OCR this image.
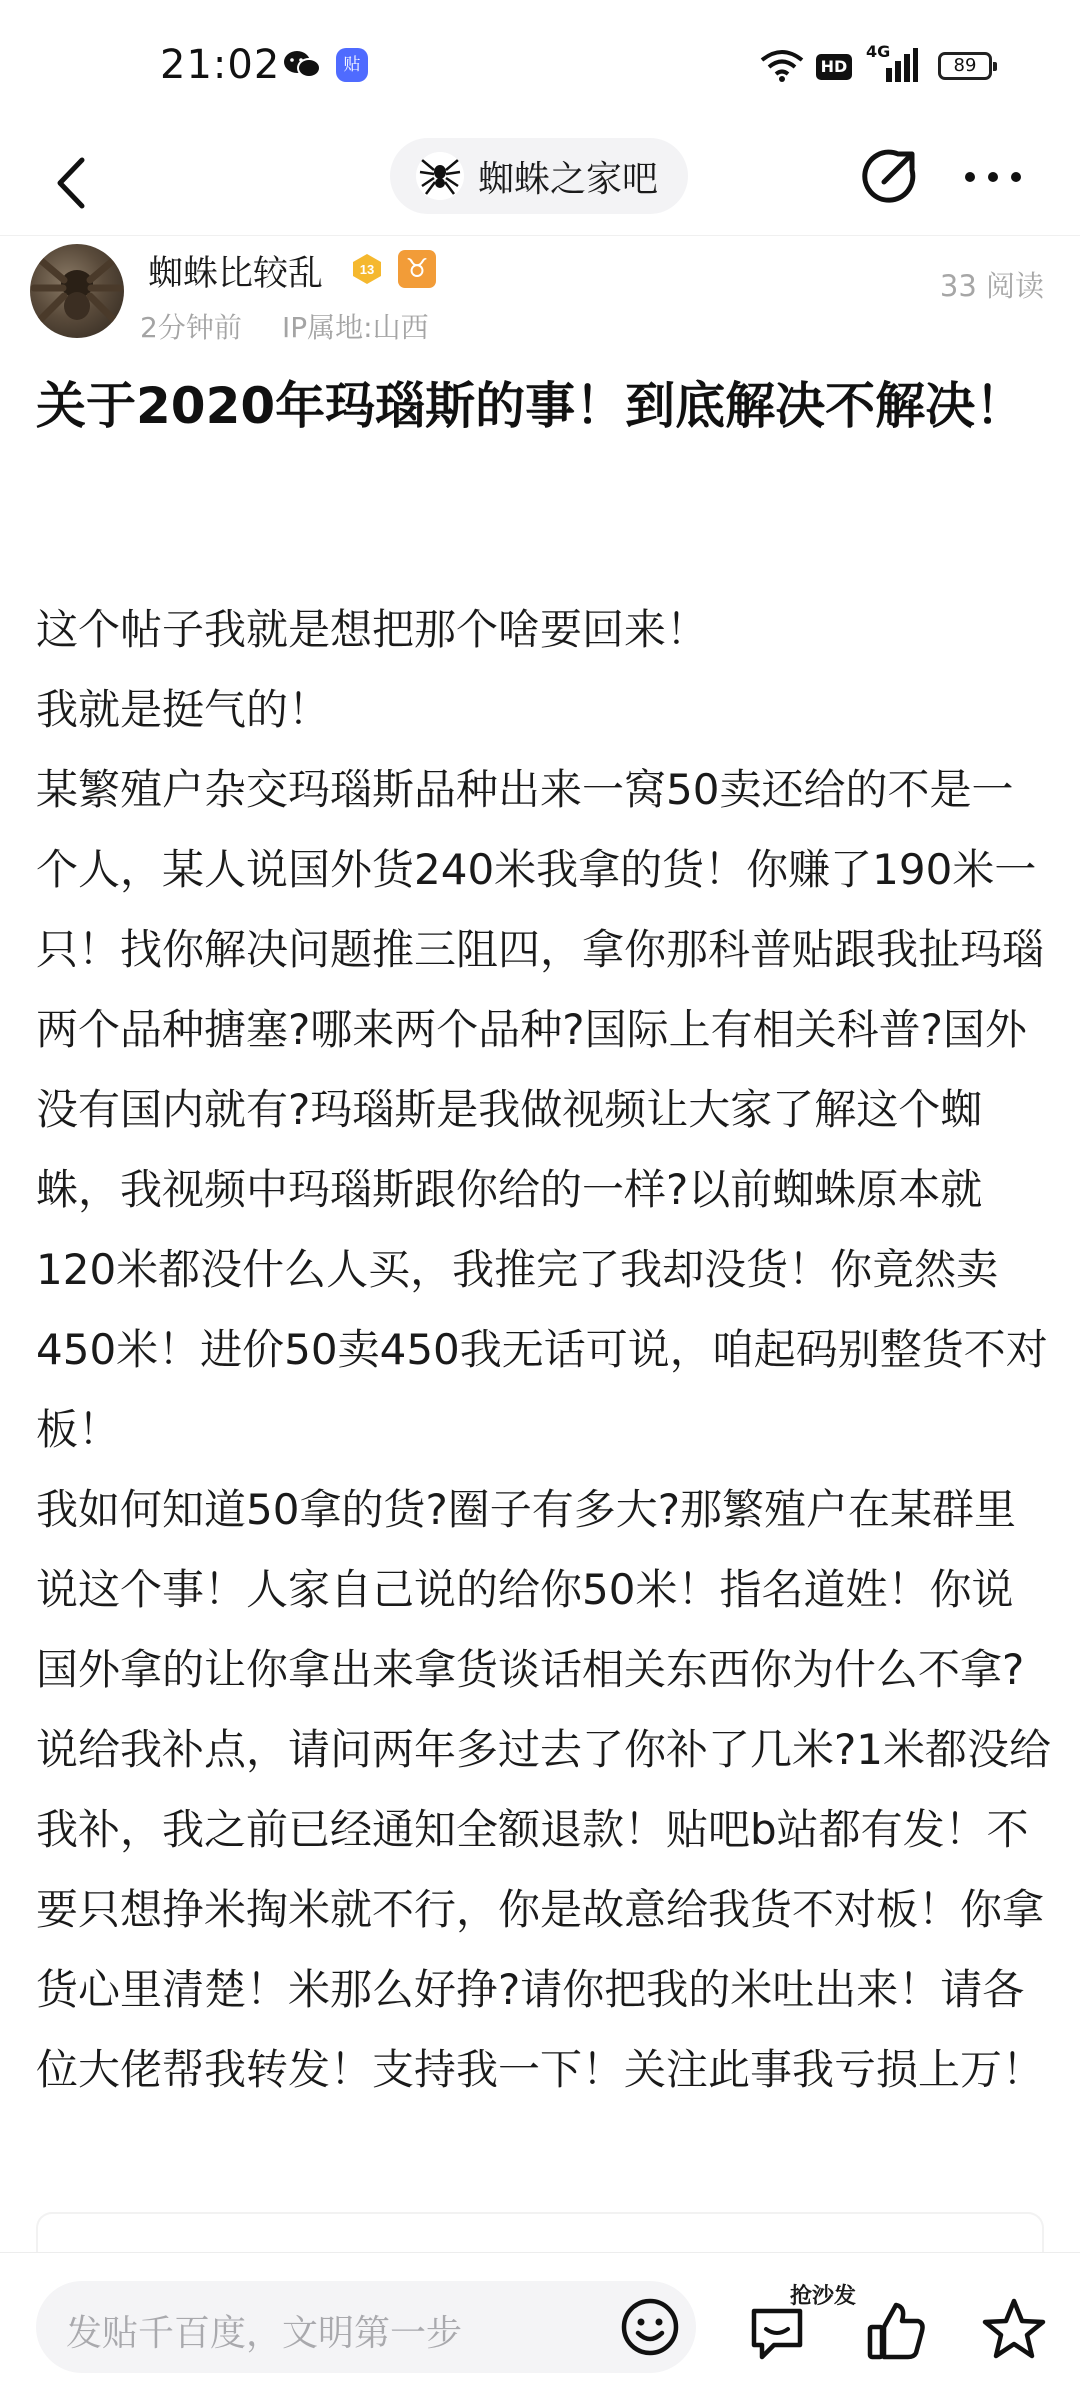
21:02	贴	HD
4G
89
蜘蛛之家吧
蜘蛛比较乱	13 ♉
2分钟前 IP属地:山西
33 阅读
关于2020年玛瑙斯的事！到底解决不解决！

这个帖子我就是想把那个啥要回来！

我就是挺气的！

某繁殖户杂交玛瑙斯品种出来一窝50卖还给的不是一个人，某人说国外货240米我拿的货！你赚了190米一只！找你解决问题推三阻四，拿你那科普贴跟我扯玛瑙两个品种搪塞?哪来两个品种?国际上有相关科普?国外没有国内就有?玛瑙斯是我做视频让大家了解这个蜘蛛，我视频中玛瑙斯跟你给的一样?以前蜘蛛原本就120米都没什么人买，我推完了我却没货！你竟然卖450米！进价50卖450我无话可说，咱起码别整货不对板！

我如何知道50拿的货?圈子有多大?那繁殖户在某群里说这个事！人家自己说的给你50米！指名道姓！你说国外拿的让你拿出来拿货谈话相关东西你为什么不拿?说给我补点，请问两年多过去了你补了几米?1米都没给我补，我之前已经通知全额退款！贴吧b站都有发！不要只想挣米掏米就不行，你是故意给我货不对板！你拿货心里清楚！米那么好挣?请你把我的米吐出来！请各位大佬帮我转发！支持我一下！关注此事我亏损上万！

发贴千百度，文明第一步
抢沙发
